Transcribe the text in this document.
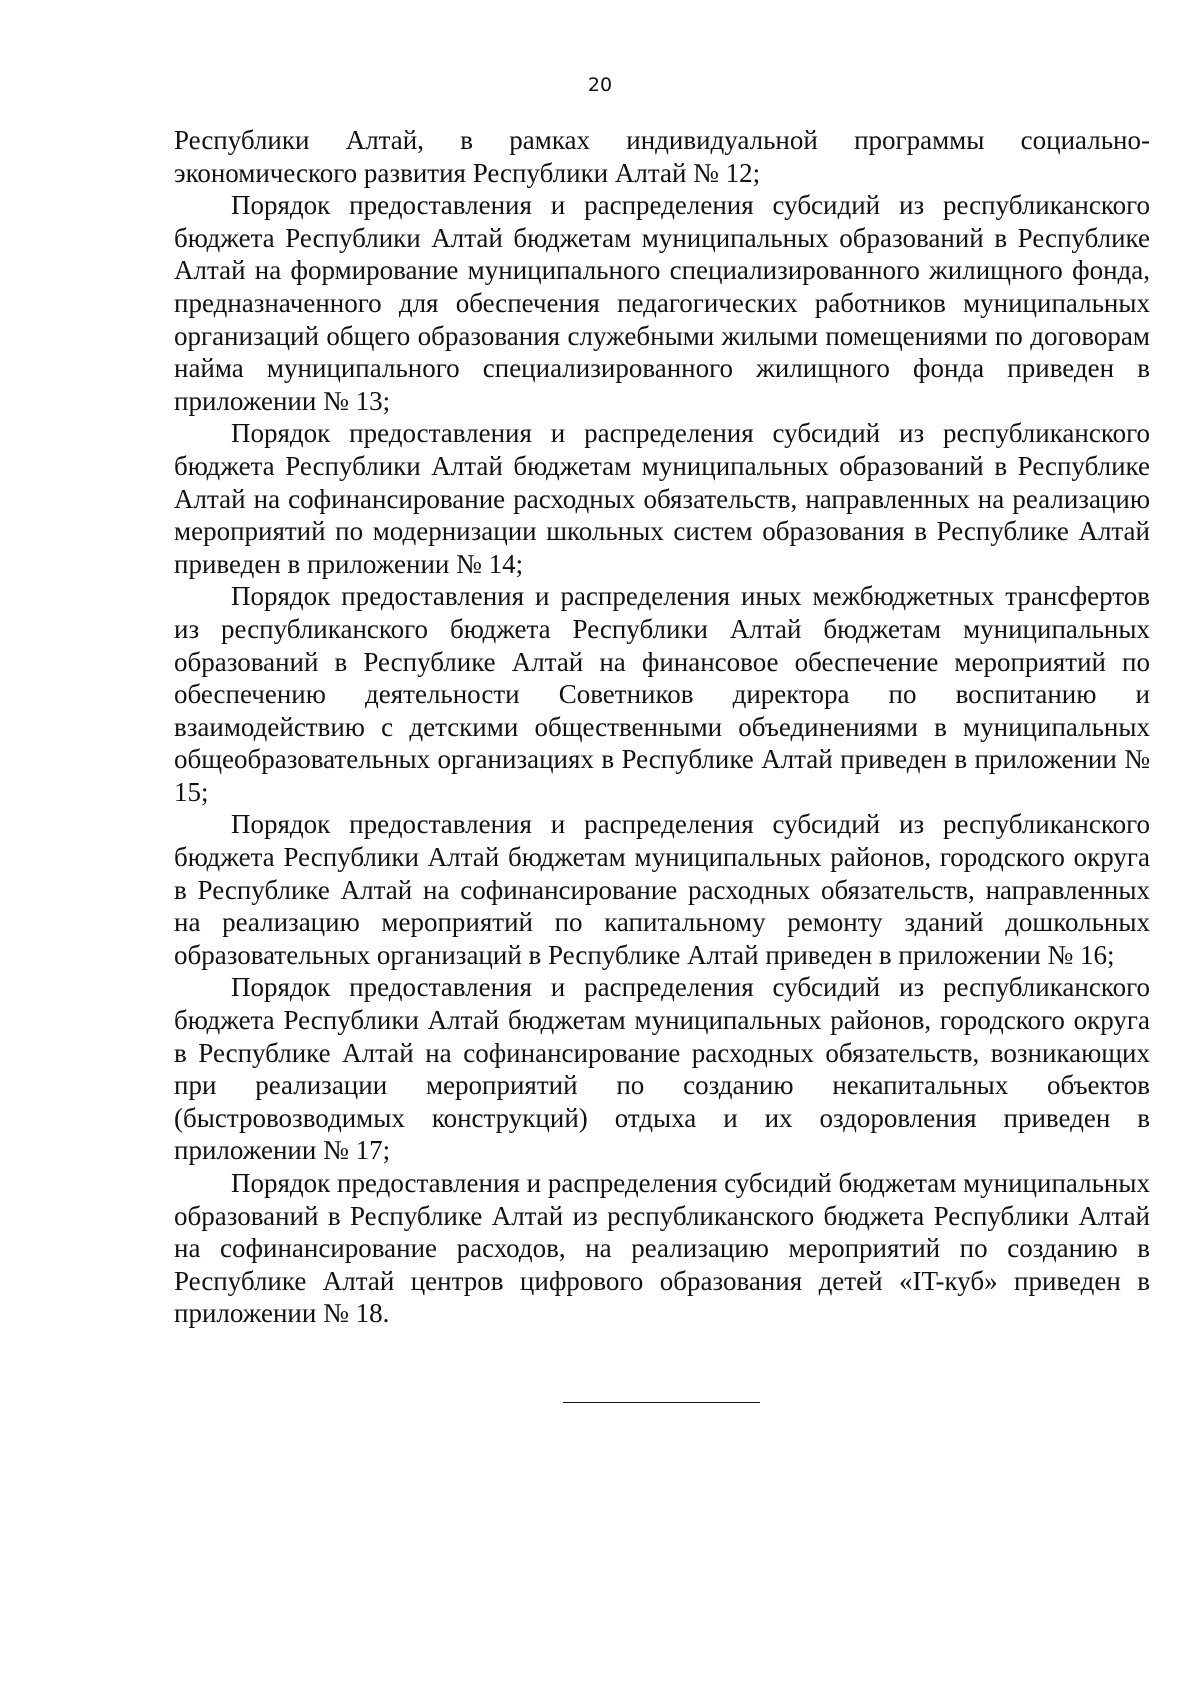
20

Республики Алтай, в рамках индивидуальной программы социально-экономического развития Республики Алтай № 12;

Порядок предоставления и распределения субсидий из республиканского бюджета Республики Алтай бюджетам муниципальных образований в Республике Алтай на формирование муниципального специализированного жилищного фонда, предназначенного для обеспечения педагогических работников муниципальных организаций общего образования служебными жилыми помещениями по договорам найма муниципального специализированного жилищного фонда приведен в приложении № 13;

Порядок предоставления и распределения субсидий из республиканского бюджета Республики Алтай бюджетам муниципальных образований в Республике Алтай на софинансирование расходных обязательств, направленных на реализацию мероприятий по модернизации школьных систем образования в Республике Алтай приведен в приложении № 14;

Порядок предоставления и распределения иных межбюджетных трансфертов из республиканского бюджета Республики Алтай бюджетам муниципальных образований в Республике Алтай на финансовое обеспечение мероприятий по обеспечению деятельности Советников директора по воспитанию и взаимодействию с детскими общественными объединениями в муниципальных общеобразовательных организациях в Республике Алтай приведен в приложении № 15;

Порядок предоставления и распределения субсидий из республиканского бюджета Республики Алтай бюджетам муниципальных районов, городского округа в Республике Алтай на софинансирование расходных обязательств, направленных на реализацию мероприятий по капитальному ремонту зданий дошкольных образовательных организаций в Республике Алтай приведен в приложении № 16;

Порядок предоставления и распределения субсидий из республиканского бюджета Республики Алтай бюджетам муниципальных районов, городского округа в Республике Алтай на софинансирование расходных обязательств, возникающих при реализации мероприятий по созданию некапитальных объектов (быстровозводимых конструкций) отдыха и их оздоровления приведен в приложении № 17;

Порядок предоставления и распределения субсидий бюджетам муниципальных образований в Республике Алтай из республиканского бюджета Республики Алтай на софинансирование расходов, на реализацию мероприятий по созданию в Республике Алтай центров цифрового образования детей «IT-куб» приведен в приложении № 18.
